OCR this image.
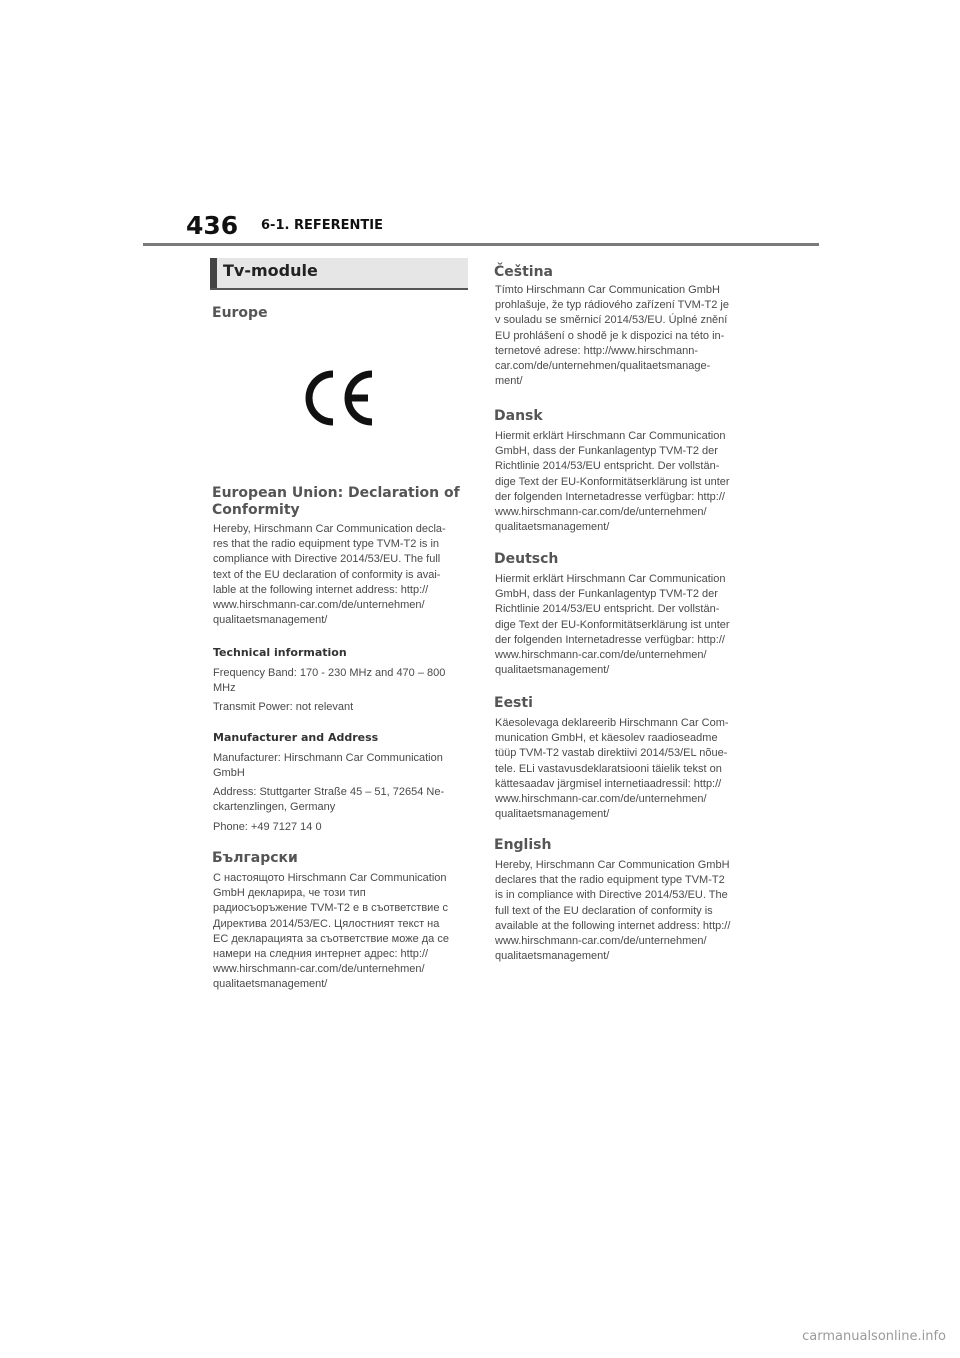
436 6-1. REFERENTIE
Tv-module
Europe
European Union: Declaration of
Conformity

Hereby, Hirschmann Car Communication decla-
res that the radio equipment type TVM-T2 is in
compliance with Directive 2014/53/EU. The full
text of the EU declaration of conformity is avai-
lable at the following internet address: http://
www.hirschmann-car.com/de/unternehmen/
qualitaetsmanagement/

Technical information

Frequency Band: 170 - 230 MHz and 470 – 800
MHz

Transmit Power: not relevant

Manufacturer and Address

Manufacturer: Hirschmann Car Communication
GmbH

Address: Stuttgarter Straße 45 – 51, 72654 Ne-
ckartenzlingen, Germany

Phone: +49 7127 14 0

Български

С настоящото Hirschmann Car Communication
GmbH декларира, че този тип
радиосъоръжение TVM-T2 е в съответствие с
Директива 2014/53/ЕС. Цялостният текст на
ЕС декларацията за съответствие може да се
намери на следния интернет адрес: http://
www.hirschmann-car.com/de/unternehmen/
qualitaetsmanagement/

Čeština

Tímto Hirschmann Car Communication GmbH
prohlašuje, že typ rádiového zařízení TVM-T2 je
v souladu se směrnicí 2014/53/EU. Úplné znění
EU prohlášení o shodě je k dispozici na této in-
ternetové adrese: http://www.hirschmann-
car.com/de/unternehmen/qualitaetsmanage-
ment/

Dansk

Hiermit erklärt Hirschmann Car Communication
GmbH, dass der Funkanlagentyp TVM-T2 der
Richtlinie 2014/53/EU entspricht. Der vollstän-
dige Text der EU-Konformitätserklärung ist unter
der folgenden Internetadresse verfügbar: http://
www.hirschmann-car.com/de/unternehmen/
qualitaetsmanagement/

Deutsch

Hiermit erklärt Hirschmann Car Communication
GmbH, dass der Funkanlagentyp TVM-T2 der
Richtlinie 2014/53/EU entspricht. Der vollstän-
dige Text der EU-Konformitätserklärung ist unter
der folgenden Internetadresse verfügbar: http://
www.hirschmann-car.com/de/unternehmen/
qualitaetsmanagement/

Eesti

Käesolevaga deklareerib Hirschmann Car Com-
munication GmbH, et käesolev raadioseadme
tüüp TVM-T2 vastab direktiivi 2014/53/EL nõue-
tele. ELi vastavusdeklaratsiooni täielik tekst on
kättesaadav järgmisel internetiaadressil: http://
www.hirschmann-car.com/de/unternehmen/
qualitaetsmanagement/

English

Hereby, Hirschmann Car Communication GmbH
declares that the radio equipment type TVM-T2
is in compliance with Directive 2014/53/EU. The
full text of the EU declaration of conformity is
available at the following internet address: http://
www.hirschmann-car.com/de/unternehmen/
qualitaetsmanagement/

carmanualsonline.info
